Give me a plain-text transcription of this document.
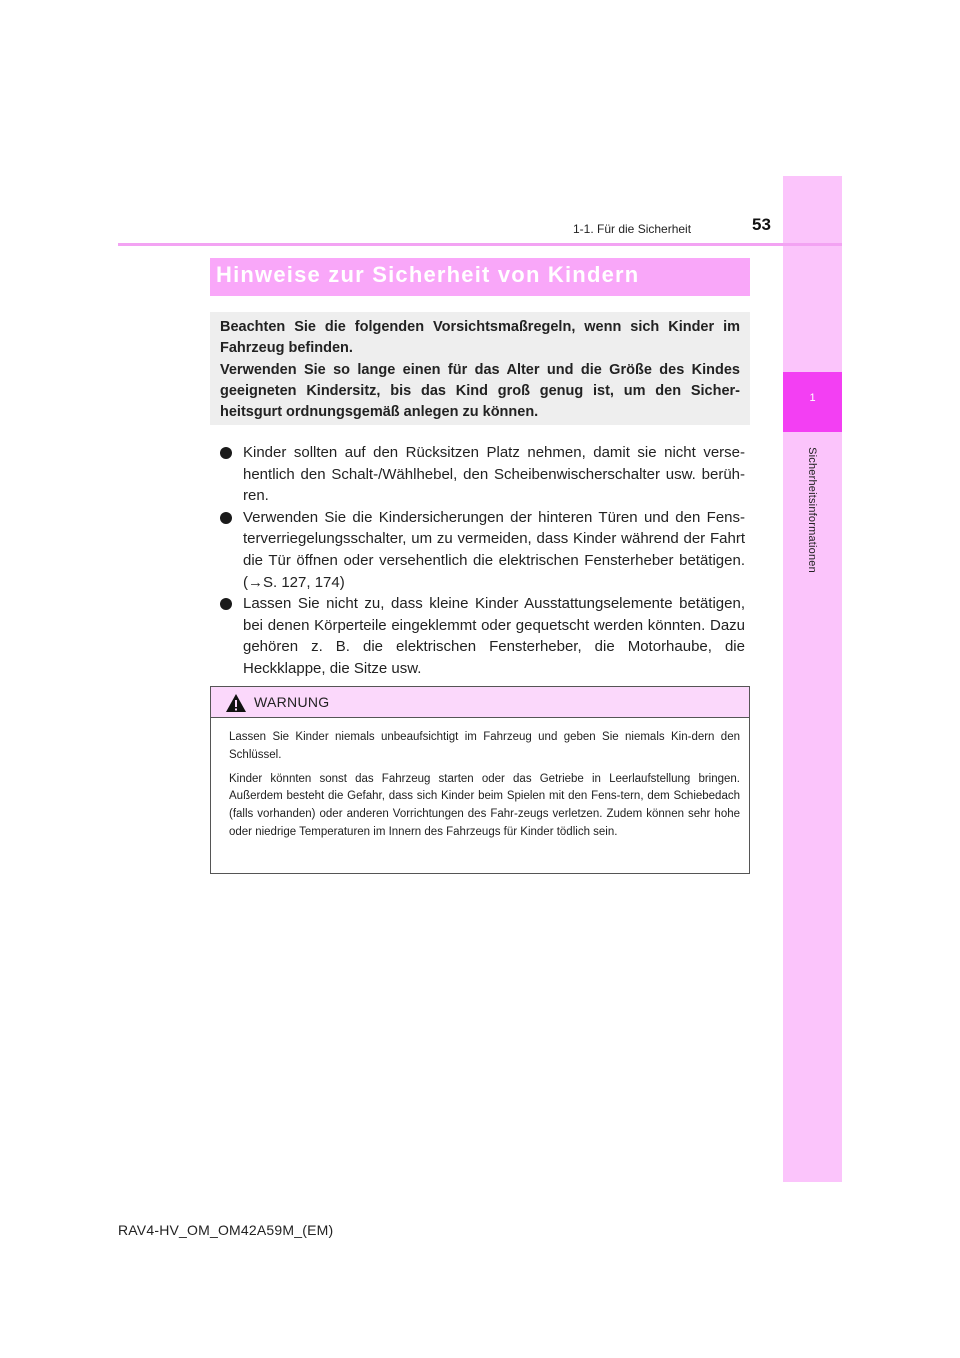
1
Sicherheitsinformationen
1-1. Für die Sicherheit	53
Hinweise zur Sicherheit von Kindern

Beachten Sie die folgenden Vorsichtsmaßregeln, wenn sich Kinder im Fahrzeug befinden.

Verwenden Sie so lange einen für das Alter und die Größe des Kindes geeigneten Kindersitz, bis das Kind groß genug ist, um den Sicher-heitsgurt ordnungsgemäß anlegen zu können.

Kinder sollten auf den Rücksitzen Platz nehmen, damit sie nicht verse-hentlich den Schalt-/Wählhebel, den Scheibenwischerschalter usw. berüh-ren.
Verwenden Sie die Kindersicherungen der hinteren Türen und den Fens-terverriegelungsschalter, um zu vermeiden, dass Kinder während der Fahrt die Tür öffnen oder versehentlich die elektrischen Fensterheber betätigen. (→S. 127, 174)
Lassen Sie nicht zu, dass kleine Kinder Ausstattungselemente betätigen, bei denen Körperteile eingeklemmt oder gequetscht werden könnten. Dazu gehören z. B. die elektrischen Fensterheber, die Motorhaube, die Heckklappe, die Sitze usw.
WARNUNG

Lassen Sie Kinder niemals unbeaufsichtigt im Fahrzeug und geben Sie niemals Kin-dern den Schlüssel.

Kinder könnten sonst das Fahrzeug starten oder das Getriebe in Leerlaufstellung bringen. Außerdem besteht die Gefahr, dass sich Kinder beim Spielen mit den Fens-tern, dem Schiebedach (falls vorhanden) oder anderen Vorrichtungen des Fahr-zeugs verletzen. Zudem können sehr hohe oder niedrige Temperaturen im Innern des Fahrzeugs für Kinder tödlich sein.

RAV4-HV_OM_OM42A59M_(EM)
